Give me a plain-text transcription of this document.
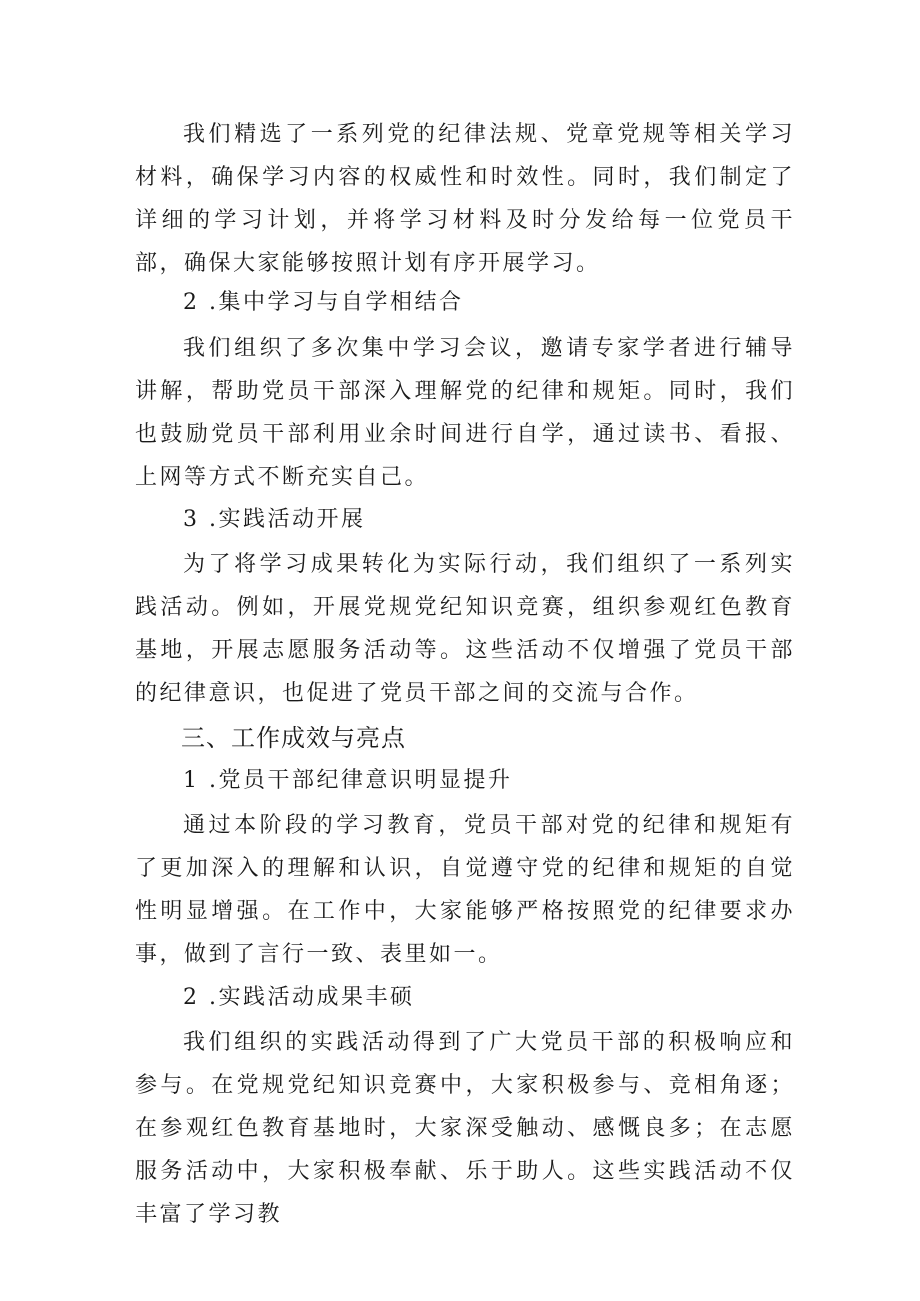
我们精选了一系列党的纪律法规、党章党规等相关学习材料，确保学习内容的权威性和时效性。同时，我们制定了详细的学习计划，并将学习材料及时分发给每一位党员干部，确保大家能够按照计划有序开展学习。

2 .集中学习与自学相结合

我们组织了多次集中学习会议，邀请专家学者进行辅导讲解，帮助党员干部深入理解党的纪律和规矩。同时，我们也鼓励党员干部利用业余时间进行自学，通过读书、看报、上网等方式不断充实自己。

3 .实践活动开展

为了将学习成果转化为实际行动，我们组织了一系列实践活动。例如，开展党规党纪知识竞赛，组织参观红色教育基地，开展志愿服务活动等。这些活动不仅增强了党员干部的纪律意识，也促进了党员干部之间的交流与合作。

三、工作成效与亮点
1 .党员干部纪律意识明显提升

通过本阶段的学习教育，党员干部对党的纪律和规矩有了更加深入的理解和认识，自觉遵守党的纪律和规矩的自觉性明显增强。在工作中，大家能够严格按照党的纪律要求办事，做到了言行一致、表里如一。

2 .实践活动成果丰硕

我们组织的实践活动得到了广大党员干部的积极响应和参与。在党规党纪知识竞赛中，大家积极参与、竞相角逐；在参观红色教育基地时，大家深受触动、感慨良多；在志愿服务活动中，大家积极奉献、乐于助人。这些实践活动不仅丰富了学习教
